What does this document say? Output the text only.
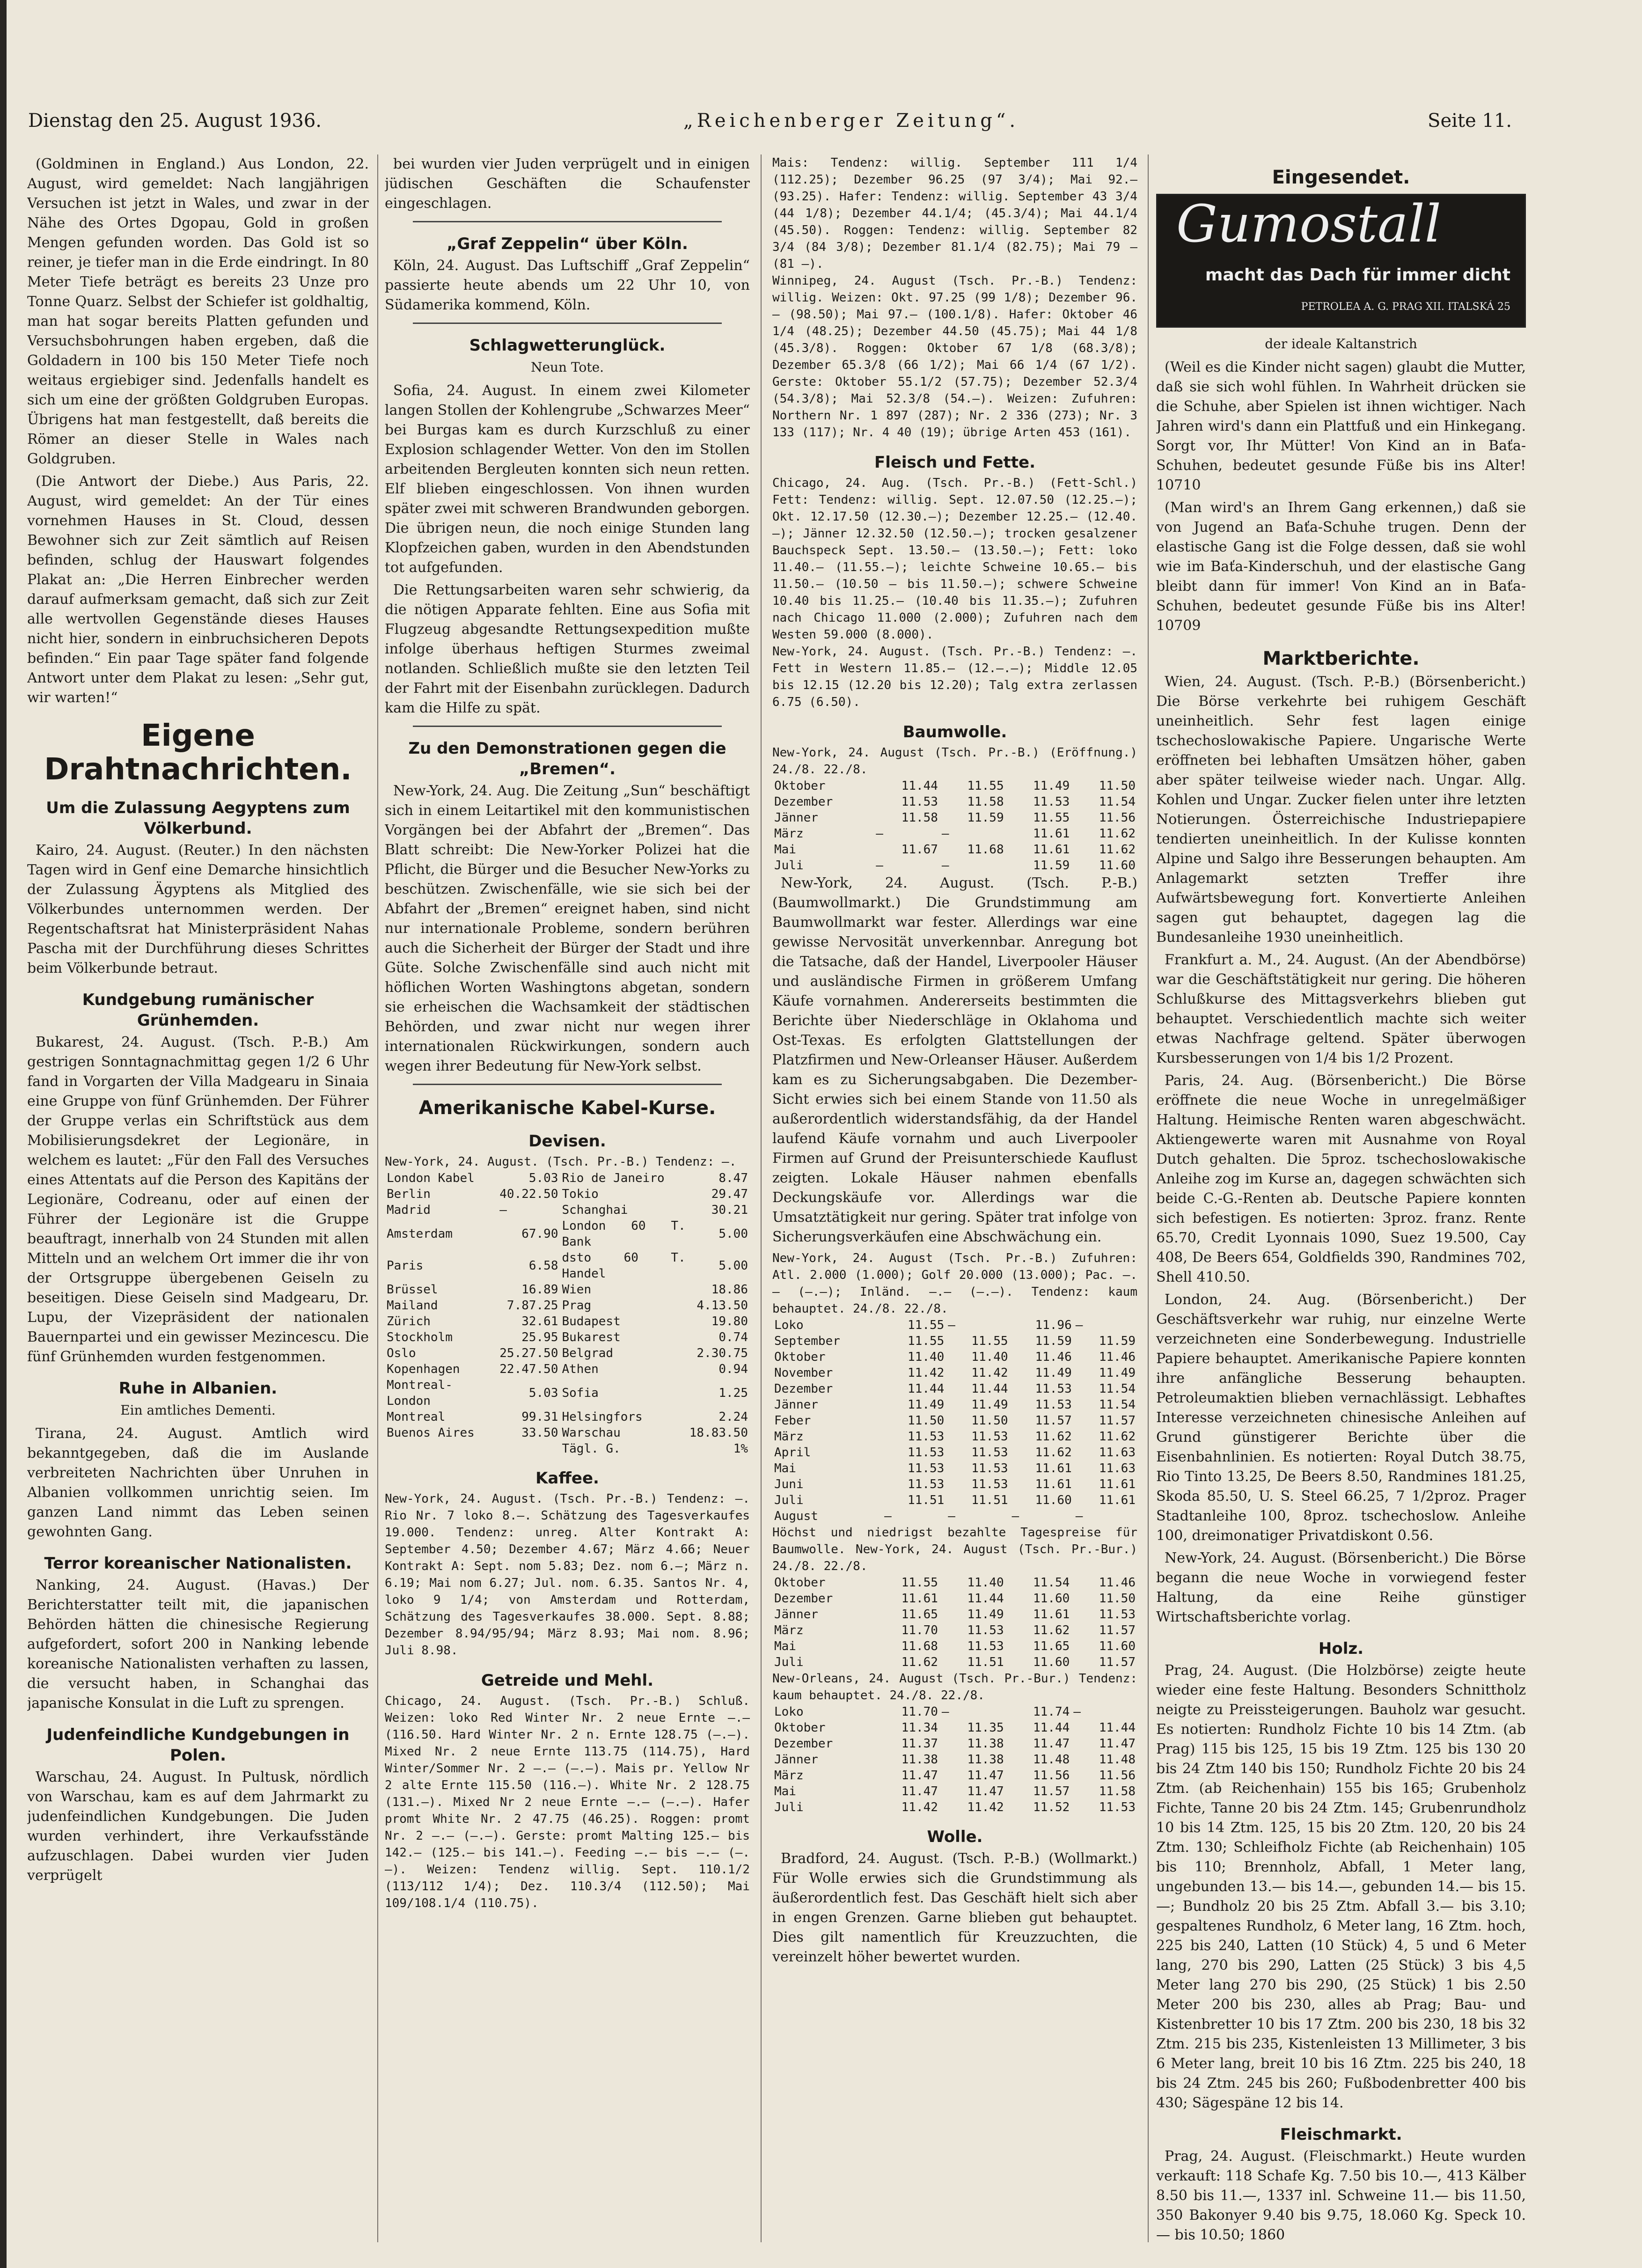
Dienstag den 25. August 1936.	„Reichenberger Zeitung“.	Seite 11.

(Goldminen in England.) Aus London, 22. August, wird gemeldet: Nach langjährigen Versuchen ist jetzt in Wales, und zwar in der Nähe des Ortes Dgopau, Gold in großen Mengen gefunden worden. Das Gold ist so reiner, je tiefer man in die Erde eindringt. In 80 Meter Tiefe beträgt es bereits 23 Unze pro Tonne Quarz. Selbst der Schiefer ist goldhaltig, man hat sogar bereits Platten gefunden und Versuchsbohrungen haben ergeben, daß die Goldadern in 100 bis 150 Meter Tiefe noch weitaus ergiebiger sind. Jedenfalls handelt es sich um eine der größten Goldgruben Europas. Übrigens hat man festgestellt, daß bereits die Römer an dieser Stelle in Wales nach Goldgruben.

(Die Antwort der Diebe.) Aus Paris, 22. August, wird gemeldet: An der Tür eines vornehmen Hauses in St. Cloud, dessen Bewohner sich zur Zeit sämtlich auf Reisen befinden, schlug der Hauswart folgendes Plakat an: „Die Herren Einbrecher werden darauf aufmerksam gemacht, daß sich zur Zeit alle wertvollen Gegenstände dieses Hauses nicht hier, sondern in einbruchsicheren Depots befinden.“ Ein paar Tage später fand folgende Antwort unter dem Plakat zu lesen: „Sehr gut, wir warten!“

Eigene Drahtnachrichten.
Um die Zulassung Aegyptens zum Völkerbund.

Kairo, 24. August. (Reuter.) In den nächsten Tagen wird in Genf eine Demarche hinsichtlich der Zulassung Ägyptens als Mitglied des Völkerbundes unternommen werden. Der Regentschaftsrat hat Ministerpräsident Nahas Pascha mit der Durchführung dieses Schrittes beim Völkerbunde betraut.

Kundgebung rumänischer Grünhemden.

Bukarest, 24. August. (Tsch. P.-B.) Am gestrigen Sonntagnachmittag gegen 1/2 6 Uhr fand in Vorgarten der Villa Madgearu in Sinaia eine Gruppe von fünf Grünhemden. Der Führer der Gruppe verlas ein Schriftstück aus dem Mobilisierungsdekret der Legionäre, in welchem es lautet: „Für den Fall des Versuches eines Attentats auf die Person des Kapitäns der Legionäre, Codreanu, oder auf einen der Führer der Legionäre ist die Gruppe beauftragt, innerhalb von 24 Stunden mit allen Mitteln und an welchem Ort immer die ihr von der Ortsgruppe übergebenen Geiseln zu beseitigen. Diese Geiseln sind Madgearu, Dr. Lupu, der Vizepräsident der nationalen Bauernpartei und ein gewisser Mezincescu. Die fünf Grünhemden wurden festgenommen.

Ruhe in Albanien.
Ein amtliches Dementi.

Tirana, 24. August. Amtlich wird bekanntgegeben, daß die im Auslande verbreiteten Nachrichten über Unruhen in Albanien vollkommen unrichtig seien. Im ganzen Land nimmt das Leben seinen gewohnten Gang.

Terror koreanischer Nationalisten.

Nanking, 24. August. (Havas.) Der Berichterstatter teilt mit, die japanischen Behörden hätten die chinesische Regierung aufgefordert, sofort 200 in Nanking lebende koreanische Nationalisten verhaften zu lassen, die versucht haben, in Schanghai das japanische Konsulat in die Luft zu sprengen.

Judenfeindliche Kundgebungen in Polen.

Warschau, 24. August. In Pultusk, nördlich von Warschau, kam es auf dem Jahrmarkt zu judenfeindlichen Kundgebungen. Die Juden wurden verhindert, ihre Verkaufsstände aufzuschlagen. Dabei wurden vier Juden verprügelt

bei wurden vier Juden verprügelt und in einigen jüdischen Geschäften die Schaufenster eingeschlagen.

„Graf Zeppelin“ über Köln.

Köln, 24. August. Das Luftschiff „Graf Zeppelin“ passierte heute abends um 22 Uhr 10, von Südamerika kommend, Köln.

Schlagwetterunglück.
Neun Tote.

Sofia, 24. August. In einem zwei Kilometer langen Stollen der Kohlengrube „Schwarzes Meer“ bei Burgas kam es durch Kurzschluß zu einer Explosion schlagender Wetter. Von den im Stollen arbeitenden Bergleuten konnten sich neun retten. Elf blieben eingeschlossen. Von ihnen wurden später zwei mit schweren Brandwunden geborgen. Die übrigen neun, die noch einige Stunden lang Klopfzeichen gaben, wurden in den Abendstunden tot aufgefunden.

Die Rettungsarbeiten waren sehr schwierig, da die nötigen Apparate fehlten. Eine aus Sofia mit Flugzeug abgesandte Rettungsexpedition mußte infolge überhaus heftigen Sturmes zweimal notlanden. Schließlich mußte sie den letzten Teil der Fahrt mit der Eisenbahn zurücklegen. Dadurch kam die Hilfe zu spät.

Zu den Demonstrationen gegen die „Bremen“.

New-York, 24. Aug. Die Zeitung „Sun“ beschäftigt sich in einem Leitartikel mit den kommunistischen Vorgängen bei der Abfahrt der „Bremen“. Das Blatt schreibt: Die New-Yorker Polizei hat die Pflicht, die Bürger und die Besucher New-Yorks zu beschützen. Zwischenfälle, wie sie sich bei der Abfahrt der „Bremen“ ereignet haben, sind nicht nur internationale Probleme, sondern berühren auch die Sicherheit der Bürger der Stadt und ihre Güte. Solche Zwischenfälle sind auch nicht mit höflichen Worten Washingtons abgetan, sondern sie erheischen die Wachsamkeit der städtischen Behörden, und zwar nicht nur wegen ihrer internationalen Rückwirkungen, sondern auch wegen ihrer Bedeutung für New-York selbst.

Amerikanische Kabel-Kurse.
Devisen.
New-York, 24. August. (Tsch. Pr.-B.) Tendenz: —.
London Kabel	5.03	Rio de Janeiro	8.47
Berlin	40.22.50	Tokio	29.47
Madrid	—	Schanghai	30.21
Amsterdam	67.90	London 60 T. Bank	5.00
Paris	6.58	dsto 60 T. Handel	5.00
Brüssel	16.89	Wien	18.86
Mailand	7.87.25	Prag	4.13.50
Zürich	32.61	Budapest	19.80
Stockholm	25.95	Bukarest	0.74
Oslo	25.27.50	Belgrad	2.30.75
Kopenhagen	22.47.50	Athen	0.94
Montreal-London	5.03	Sofia	1.25
Montreal	99.31	Helsingfors	2.24
Buenos Aires	33.50	Warschau	18.83.50
		Tägl. G.	1%
Kaffee.
New-York, 24. August. (Tsch. Pr.-B.) Tendenz: —. Rio Nr. 7 loko 8.—. Schätzung des Tagesverkaufes 19.000. Tendenz: unreg. Alter Kontrakt A: September 4.50; Dezember 4.67; März 4.66; Neuer Kontrakt A: Sept. nom 5.83; Dez. nom 6.—; März n. 6.19; Mai nom 6.27; Jul. nom. 6.35. Santos Nr. 4, loko 9 1/4; von Amsterdam und Rotterdam, Schätzung des Tagesverkaufes 38.000. Sept. 8.88; Dezember 8.94/95/94; März 8.93; Mai nom. 8.96; Juli 8.98.
Getreide und Mehl.
Chicago, 24. August. (Tsch. Pr.-B.) Schluß. Weizen: loko Red Winter Nr. 2 neue Ernte —.— (116.50. Hard Winter Nr. 2 n. Ernte 128.75 (—.—). Mixed Nr. 2 neue Ernte 113.75 (114.75), Hard Winter/Sommer Nr. 2 —.— (—.—). Mais pr. Yellow Nr 2 alte Ernte 115.50 (116.—). White Nr. 2 128.75 (131.—). Mixed Nr 2 neue Ernte —.— (—.—). Hafer promt White Nr. 2 47.75 (46.25). Roggen: promt Nr. 2 —.— (—.—). Gerste: promt Malting 125.— bis 142.— (125.— bis 141.—). Feeding —.— bis —.— (—.—). Weizen: Tendenz willig. Sept. 110.1/2 (113/112 1/4); Dez. 110.3/4 (112.50); Mai 109/108.1/4 (110.75).
Mais: Tendenz: willig. September 111 1/4 (112.25); Dezember 96.25 (97 3/4); Mai 92.— (93.25). Hafer: Tendenz: willig. September 43 3/4 (44 1/8); Dezember 44.1/4; (45.3/4); Mai 44.1/4 (45.50). Roggen: Tendenz: willig. September 82 3/4 (84 3/8); Dezember 81.1/4 (82.75); Mai 79 — (81 —).
Winnipeg, 24. August (Tsch. Pr.-B.) Tendenz: willig. Weizen: Okt. 97.25 (99 1/8); Dezember 96.— (98.50); Mai 97.— (100.1/8). Hafer: Oktober 46 1/4 (48.25); Dezember 44.50 (45.75); Mai 44 1/8 (45.3/8). Roggen: Oktober 67 1/8 (68.3/8); Dezember 65.3/8 (66 1/2); Mai 66 1/4 (67 1/2). Gerste: Oktober 55.1/2 (57.75); Dezember 52.3/4 (54.3/8); Mai 52.3/8 (54.—). Weizen: Zufuhren: Northern Nr. 1 897 (287); Nr. 2 336 (273); Nr. 3 133 (117); Nr. 4 40 (19); übrige Arten 453 (161).
Fleisch und Fette.
Chicago, 24. Aug. (Tsch. Pr.-B.) (Fett-Schl.) Fett: Tendenz: willig. Sept. 12.07.50 (12.25.—); Okt. 12.17.50 (12.30.—); Dezember 12.25.— (12.40.—); Jänner 12.32.50 (12.50.—); trocken gesalzener Bauchspeck Sept. 13.50.— (13.50.—); Fett: loko 11.40.— (11.55.—); leichte Schweine 10.65.— bis 11.50.— (10.50 — bis 11.50.—); schwere Schweine 10.40 bis 11.25.— (10.40 bis 11.35.—); Zufuhren nach Chicago 11.000 (2.000); Zufuhren nach dem Westen 59.000 (8.000).
New-York, 24. August. (Tsch. Pr.-B.) Tendenz: —. Fett in Western 11.85.— (12.—.—); Middle 12.05 bis 12.15 (12.20 bis 12.20); Talg extra zerlassen 6.75 (6.50).
Baumwolle.
New-York, 24. August (Tsch. Pr.-B.) (Eröffnung.) 24./8. 22./8.
Oktober	11.44	11.55	11.49	11.50
Dezember	11.53	11.58	11.53	11.54
Jänner	11.58	11.59	11.55	11.56
März	—	—	11.61	11.62
Mai	11.67	11.68	11.61	11.62
Juli	—	—	11.59	11.60

New-York, 24. August. (Tsch. P.-B.) (Baumwollmarkt.) Die Grundstimmung am Baumwollmarkt war fester. Allerdings war eine gewisse Nervosität unverkennbar. Anregung bot die Tatsache, daß der Handel, Liverpooler Häuser und ausländische Firmen in größerem Umfang Käufe vornahmen. Andererseits bestimmten die Berichte über Niederschläge in Oklahoma und Ost-Texas. Es erfolgten Glattstellungen der Platzfirmen und New-Orleanser Häuser. Außerdem kam es zu Sicherungsabgaben. Die Dezember-Sicht erwies sich bei einem Stande von 11.50 als außerordentlich widerstandsfähig, da der Handel laufend Käufe vornahm und auch Liverpooler Firmen auf Grund der Preisunterschiede Kauflust zeigten. Lokale Häuser nahmen ebenfalls Deckungskäufe vor. Allerdings war die Umsatztätigkeit nur gering. Später trat infolge von Sicherungsverkäufen eine Abschwächung ein.

New-York, 24. August (Tsch. Pr.-B.) Zufuhren: Atl. 2.000 (1.000); Golf 20.000 (13.000); Pac. —.— (—.—); Inländ. —.— (—.—). Tendenz: kaum behauptet. 24./8. 22./8.
Loko	11.55	—	11.96	—
September	11.55	11.55	11.59	11.59
Oktober	11.40	11.40	11.46	11.46
November	11.42	11.42	11.49	11.49
Dezember	11.44	11.44	11.53	11.54
Jänner	11.49	11.49	11.53	11.54
Feber	11.50	11.50	11.57	11.57
März	11.53	11.53	11.62	11.62
April	11.53	11.53	11.62	11.63
Mai	11.53	11.53	11.61	11.63
Juni	11.53	11.53	11.61	11.61
Juli	11.51	11.51	11.60	11.61
August	—	—	—	—
Höchst und niedrigst bezahlte Tagespreise für Baumwolle. New-York, 24. August (Tsch. Pr.-Bur.) 24./8. 22./8.
Oktober	11.55	11.40	11.54	11.46
Dezember	11.61	11.44	11.60	11.50
Jänner	11.65	11.49	11.61	11.53
März	11.70	11.53	11.62	11.57
Mai	11.68	11.53	11.65	11.60
Juli	11.62	11.51	11.60	11.57
New-Orleans, 24. August (Tsch. Pr.-Bur.) Tendenz: kaum behauptet. 24./8. 22./8.
Loko	11.70	—	11.74	—
Oktober	11.34	11.35	11.44	11.44
Dezember	11.37	11.38	11.47	11.47
Jänner	11.38	11.38	11.48	11.48
März	11.47	11.47	11.56	11.56
Mai	11.47	11.47	11.57	11.58
Juli	11.42	11.42	11.52	11.53
Wolle.

Bradford, 24. August. (Tsch. P.-B.) (Wollmarkt.) Für Wolle erwies sich die Grundstimmung als äußerordentlich fest. Das Geschäft hielt sich aber in engen Grenzen. Garne blieben gut behauptet. Dies gilt namentlich für Kreuzzuchten, die vereinzelt höher bewertet wurden.

Eingesendet.
Gumostall
macht das Dach für immer dicht
PETROLEA A. G. PRAG XII. ITALSKÁ 25
der ideale Kaltanstrich

(Weil es die Kinder nicht sagen) glaubt die Mutter, daß sie sich wohl fühlen. In Wahrheit drücken sie die Schuhe, aber Spielen ist ihnen wichtiger. Nach Jahren wird's dann ein Plattfuß und ein Hinkegang. Sorgt vor, Ihr Mütter! Von Kind an in Baťa-Schuhen, bedeutet gesunde Füße bis ins Alter! 10710

(Man wird's an Ihrem Gang erkennen,) daß sie von Jugend an Baťa-Schuhe trugen. Denn der elastische Gang ist die Folge dessen, daß sie wohl wie im Baťa-Kinderschuh, und der elastische Gang bleibt dann für immer! Von Kind an in Baťa-Schuhen, bedeutet gesunde Füße bis ins Alter! 10709

Marktberichte.

Wien, 24. August. (Tsch. P.-B.) (Börsenbericht.) Die Börse verkehrte bei ruhigem Geschäft uneinheitlich. Sehr fest lagen einige tschechoslowakische Papiere. Ungarische Werte eröffneten bei lebhaften Umsätzen höher, gaben aber später teilweise wieder nach. Ungar. Allg. Kohlen und Ungar. Zucker fielen unter ihre letzten Notierungen. Österreichische Industriepapiere tendierten uneinheitlich. In der Kulisse konnten Alpine und Salgo ihre Besserungen behaupten. Am Anlagemarkt setzten Treffer ihre Aufwärtsbewegung fort. Konvertierte Anleihen sagen gut behauptet, dagegen lag die Bundesanleihe 1930 uneinheitlich.

Frankfurt a. M., 24. August. (An der Abendbörse) war die Geschäftstätigkeit nur gering. Die höheren Schlußkurse des Mittagsverkehrs blieben gut behauptet. Verschiedentlich machte sich weiter etwas Nachfrage geltend. Später überwogen Kursbesserungen von 1/4 bis 1/2 Prozent.

Paris, 24. Aug. (Börsenbericht.) Die Börse eröffnete die neue Woche in unregelmäßiger Haltung. Heimische Renten waren abgeschwächt. Aktiengewerte waren mit Ausnahme von Royal Dutch gehalten. Die 5proz. tschechoslowakische Anleihe zog im Kurse an, dagegen schwächten sich beide C.-G.-Renten ab. Deutsche Papiere konnten sich befestigen. Es notierten: 3proz. franz. Rente 65.70, Credit Lyonnais 1090, Suez 19.500, Cay 408, De Beers 654, Goldfields 390, Randmines 702, Shell 410.50.

London, 24. Aug. (Börsenbericht.) Der Geschäftsverkehr war ruhig, nur einzelne Werte verzeichneten eine Sonderbewegung. Industrielle Papiere behauptet. Amerikanische Papiere konnten ihre anfängliche Besserung behaupten. Petroleumaktien blieben vernachlässigt. Lebhaftes Interesse verzeichneten chinesische Anleihen auf Grund günstigerer Berichte über die Eisenbahnlinien. Es notierten: Royal Dutch 38.75, Rio Tinto 13.25, De Beers 8.50, Randmines 181.25, Skoda 85.50, U. S. Steel 66.25, 7 1/2proz. Prager Stadtanleihe 100, 8proz. tschechoslow. Anleihe 100, dreimonatiger Privatdiskont 0.56.

New-York, 24. August. (Börsenbericht.) Die Börse begann die neue Woche in vorwiegend fester Haltung, da eine Reihe günstiger Wirtschaftsberichte vorlag.

Holz.

Prag, 24. August. (Die Holzbörse) zeigte heute wieder eine feste Haltung. Besonders Schnittholz neigte zu Preissteigerungen. Bauholz war gesucht. Es notierten: Rundholz Fichte 10 bis 14 Ztm. (ab Prag) 115 bis 125, 15 bis 19 Ztm. 125 bis 130 20 bis 24 Ztm 140 bis 150; Rundholz Fichte 20 bis 24 Ztm. (ab Reichenhain) 155 bis 165; Grubenholz Fichte, Tanne 20 bis 24 Ztm. 145; Grubenrundholz 10 bis 14 Ztm. 125, 15 bis 20 Ztm. 120, 20 bis 24 Ztm. 130; Schleifholz Fichte (ab Reichenhain) 105 bis 110; Brennholz, Abfall, 1 Meter lang, ungebunden 13.— bis 14.—, gebunden 14.— bis 15.—; Bundholz 20 bis 25 Ztm. Abfall 3.— bis 3.10; gespaltenes Rundholz, 6 Meter lang, 16 Ztm. hoch, 225 bis 240, Latten (10 Stück) 4, 5 und 6 Meter lang, 270 bis 290, Latten (25 Stück) 3 bis 4,5 Meter lang 270 bis 290, (25 Stück) 1 bis 2.50 Meter 200 bis 230, alles ab Prag; Bau- und Kistenbretter 10 bis 17 Ztm. 200 bis 230, 18 bis 32 Ztm. 215 bis 235, Kistenleisten 13 Millimeter, 3 bis 6 Meter lang, breit 10 bis 16 Ztm. 225 bis 240, 18 bis 24 Ztm. 245 bis 260; Fußbodenbretter 400 bis 430; Sägespäne 12 bis 14.

Fleischmarkt.

Prag, 24. August. (Fleischmarkt.) Heute wurden verkauft: 118 Schafe Kg. 7.50 bis 10.—, 413 Kälber 8.50 bis 11.—, 1337 inl. Schweine 11.— bis 11.50, 350 Bakonyer 9.40 bis 9.75, 18.060 Kg. Speck 10.— bis 10.50; 1860
